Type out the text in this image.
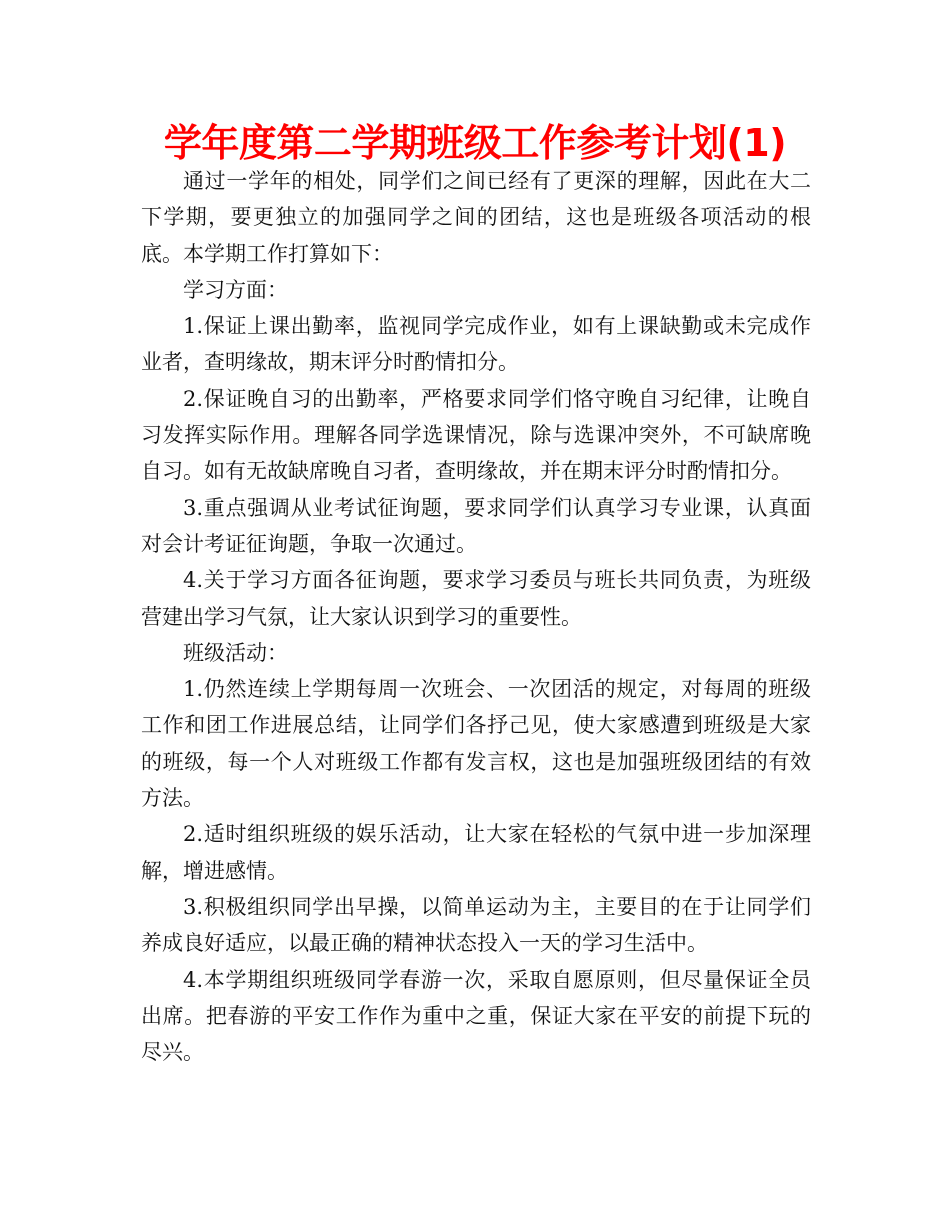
学年度第二学期班级工作参考计划(1)

通过一学年的相处，同学们之间已经有了更深的理解，因此在大二下学期，要更独立的加强同学之间的团结，这也是班级各项活动的根底。本学期工作打算如下：

学习方面：

1.保证上课出勤率，监视同学完成作业，如有上课缺勤或未完成作业者，查明缘故，期末评分时酌情扣分。

2.保证晚自习的出勤率，严格要求同学们恪守晚自习纪律，让晚自习发挥实际作用。理解各同学选课情况，除与选课冲突外，不可缺席晚自习。如有无故缺席晚自习者，查明缘故，并在期末评分时酌情扣分。

3.重点强调从业考试征询题，要求同学们认真学习专业课，认真面对会计考证征询题，争取一次通过。

4.关于学习方面各征询题，要求学习委员与班长共同负责，为班级营建出学习气氛，让大家认识到学习的重要性。

班级活动：

1.仍然连续上学期每周一次班会、一次团活的规定，对每周的班级工作和团工作进展总结，让同学们各抒己见，使大家感遭到班级是大家的班级，每一个人对班级工作都有发言权，这也是加强班级团结的有效方法。

2.适时组织班级的娱乐活动，让大家在轻松的气氛中进一步加深理解，增进感情。

3.积极组织同学出早操，以简单运动为主，主要目的在于让同学们养成良好适应，以最正确的精神状态投入一天的学习生活中。

4.本学期组织班级同学春游一次，采取自愿原则，但尽量保证全员出席。把春游的平安工作作为重中之重，保证大家在平安的前提下玩的尽兴。
